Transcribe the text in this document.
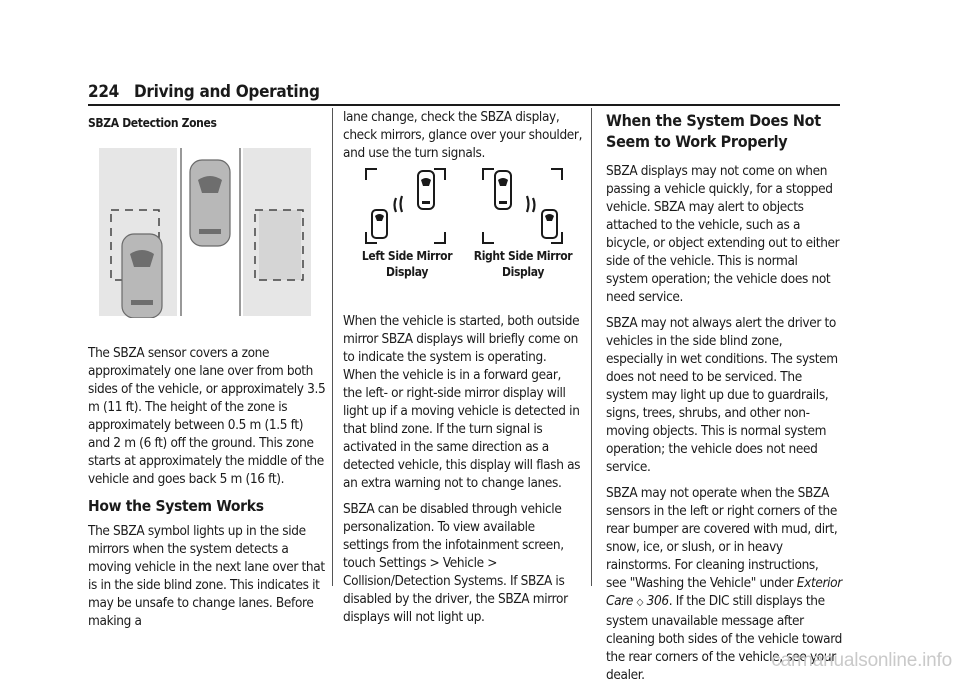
224 Driving and Operating

SBZA Detection Zones

The SBZA sensor covers a zone approximately one lane over from both sides of the vehicle, or approximately 3.5 m (11 ft). The height of the zone is approximately between 0.5 m (1.5 ft) and 2 m (6 ft) off the ground. This zone starts at approximately the middle of the vehicle and goes back 5 m (16 ft).

How the System Works

The SBZA symbol lights up in the side mirrors when the system detects a moving vehicle in the next lane over that is in the side blind zone. This indicates it may be unsafe to change lanes. Before making a

lane change, check the SBZA display, check mirrors, glance over your shoulder, and use the turn signals.

Left Side Mirror Display
Right Side Mirror Display

When the vehicle is started, both outside mirror SBZA displays will briefly come on to indicate the system is operating. When the vehicle is in a forward gear, the left- or right-side mirror display will light up if a moving vehicle is detected in that blind zone. If the turn signal is activated in the same direction as a detected vehicle, this display will flash as an extra warning not to change lanes.

SBZA can be disabled through vehicle personalization. To view available settings from the infotainment screen, touch Settings > Vehicle > Collision/Detection Systems. If SBZA is disabled by the driver, the SBZA mirror displays will not light up.

When the System Does Not Seem to Work Properly

SBZA displays may not come on when passing a vehicle quickly, for a stopped vehicle. SBZA may alert to objects attached to the vehicle, such as a bicycle, or object extending out to either side of the vehicle. This is normal system operation; the vehicle does not need service.

SBZA may not always alert the driver to vehicles in the side blind zone, especially in wet conditions. The system does not need to be serviced. The system may light up due to guardrails, signs, trees, shrubs, and other non-moving objects. This is normal system operation; the vehicle does not need service.

SBZA may not operate when the SBZA sensors in the left or right corners of the rear bumper are covered with mud, dirt, snow, ice, or slush, or in heavy rainstorms. For cleaning instructions, see "Washing the Vehicle" under Exterior Care ◇ 306. If the DIC still displays the system unavailable message after cleaning both sides of the vehicle toward the rear corners of the vehicle, see your dealer.

carmanualsonline.info
